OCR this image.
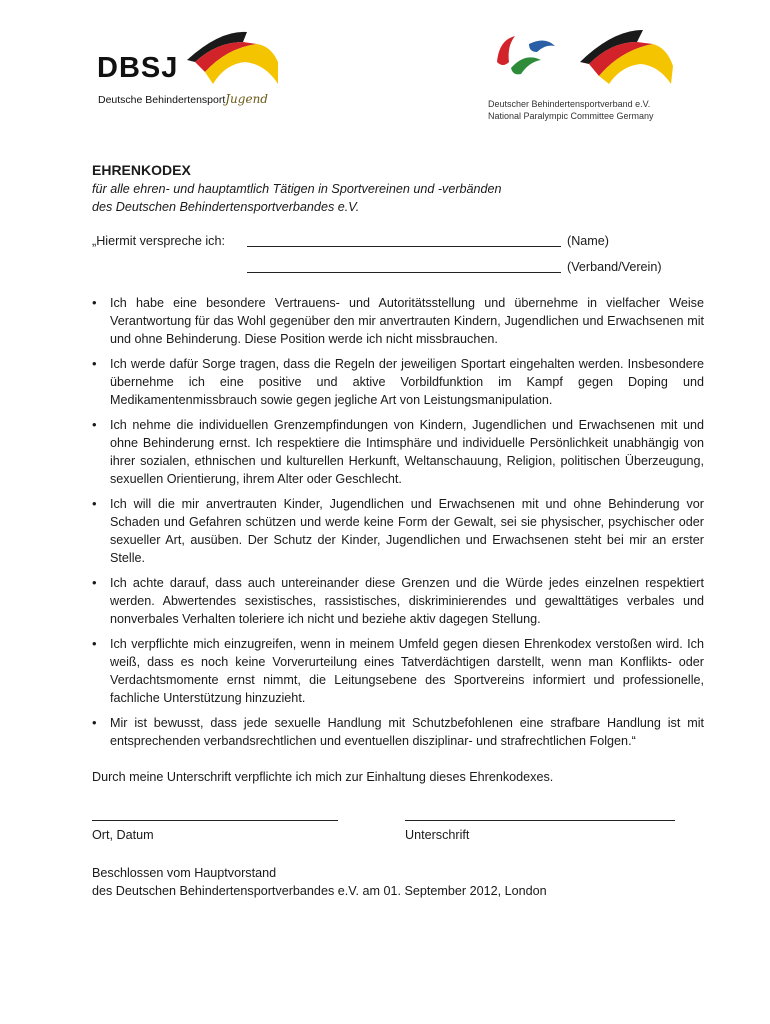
DBSJ
Deutsche BehindertensportJugend	Deutscher Behindertensportverband e.V.
National Paralympic Committee Germany

EHRENKODEX

für alle ehren- und hauptamtlich Tätigen in Sportvereinen und -verbänden

des Deutschen Behindertensportverbandes e.V.

„Hiermit verspreche ich:	(Name)
(Verband/Verein)
• Ich habe eine besondere Vertrauens- und Autoritätsstellung und übernehme in vielfacher Weise Verantwortung für das Wohl gegenüber den mir anvertrauten Kindern, Jugendlichen und Erwachsenen mit und ohne Behinderung. Diese Position werde ich nicht missbrauchen.
• Ich werde dafür Sorge tragen, dass die Regeln der jeweiligen Sportart eingehalten werden. Insbesondere übernehme ich eine positive und aktive Vorbildfunktion im Kampf gegen Doping und Medikamentenmissbrauch sowie gegen jegliche Art von Leistungsmanipulation.
• Ich nehme die individuellen Grenzempfindungen von Kindern, Jugendlichen und Erwachsenen mit und ohne Behinderung ernst. Ich respektiere die Intimsphäre und individuelle Persönlichkeit unabhängig von ihrer sozialen, ethnischen und kulturellen Herkunft, Weltanschauung, Religion, politischen Überzeugung, sexuellen Orientierung, ihrem Alter oder Geschlecht.
• Ich will die mir anvertrauten Kinder, Jugendlichen und Erwachsenen mit und ohne Behinderung vor Schaden und Gefahren schützen und werde keine Form der Gewalt, sei sie physischer, psychischer oder sexueller Art, ausüben. Der Schutz der Kinder, Jugendlichen und Erwachsenen steht bei mir an erster Stelle.
• Ich achte darauf, dass auch untereinander diese Grenzen und die Würde jedes einzelnen respektiert werden. Abwertendes sexistisches, rassistisches, diskriminierendes und gewalttätiges verbales und nonverbales Verhalten toleriere ich nicht und beziehe aktiv dagegen Stellung.
• Ich verpflichte mich einzugreifen, wenn in meinem Umfeld gegen diesen Ehrenkodex verstoßen wird. Ich weiß, dass es noch keine Vorverurteilung eines Tatverdächtigen darstellt, wenn man Konflikts- oder Verdachtsmomente ernst nimmt, die Leitungsebene des Sportvereins informiert und professionelle, fachliche Unterstützung hinzuzieht.
• Mir ist bewusst, dass jede sexuelle Handlung mit Schutzbefohlenen eine strafbare Handlung ist mit entsprechenden verbandsrechtlichen und eventuellen disziplinar- und strafrechtlichen Folgen.“

Durch meine Unterschrift verpflichte ich mich zur Einhaltung dieses Ehrenkodexes.

Ort, Datum	Unterschrift

Beschlossen vom Hauptvorstand

des Deutschen Behindertensportverbandes e.V. am 01. September 2012, London
